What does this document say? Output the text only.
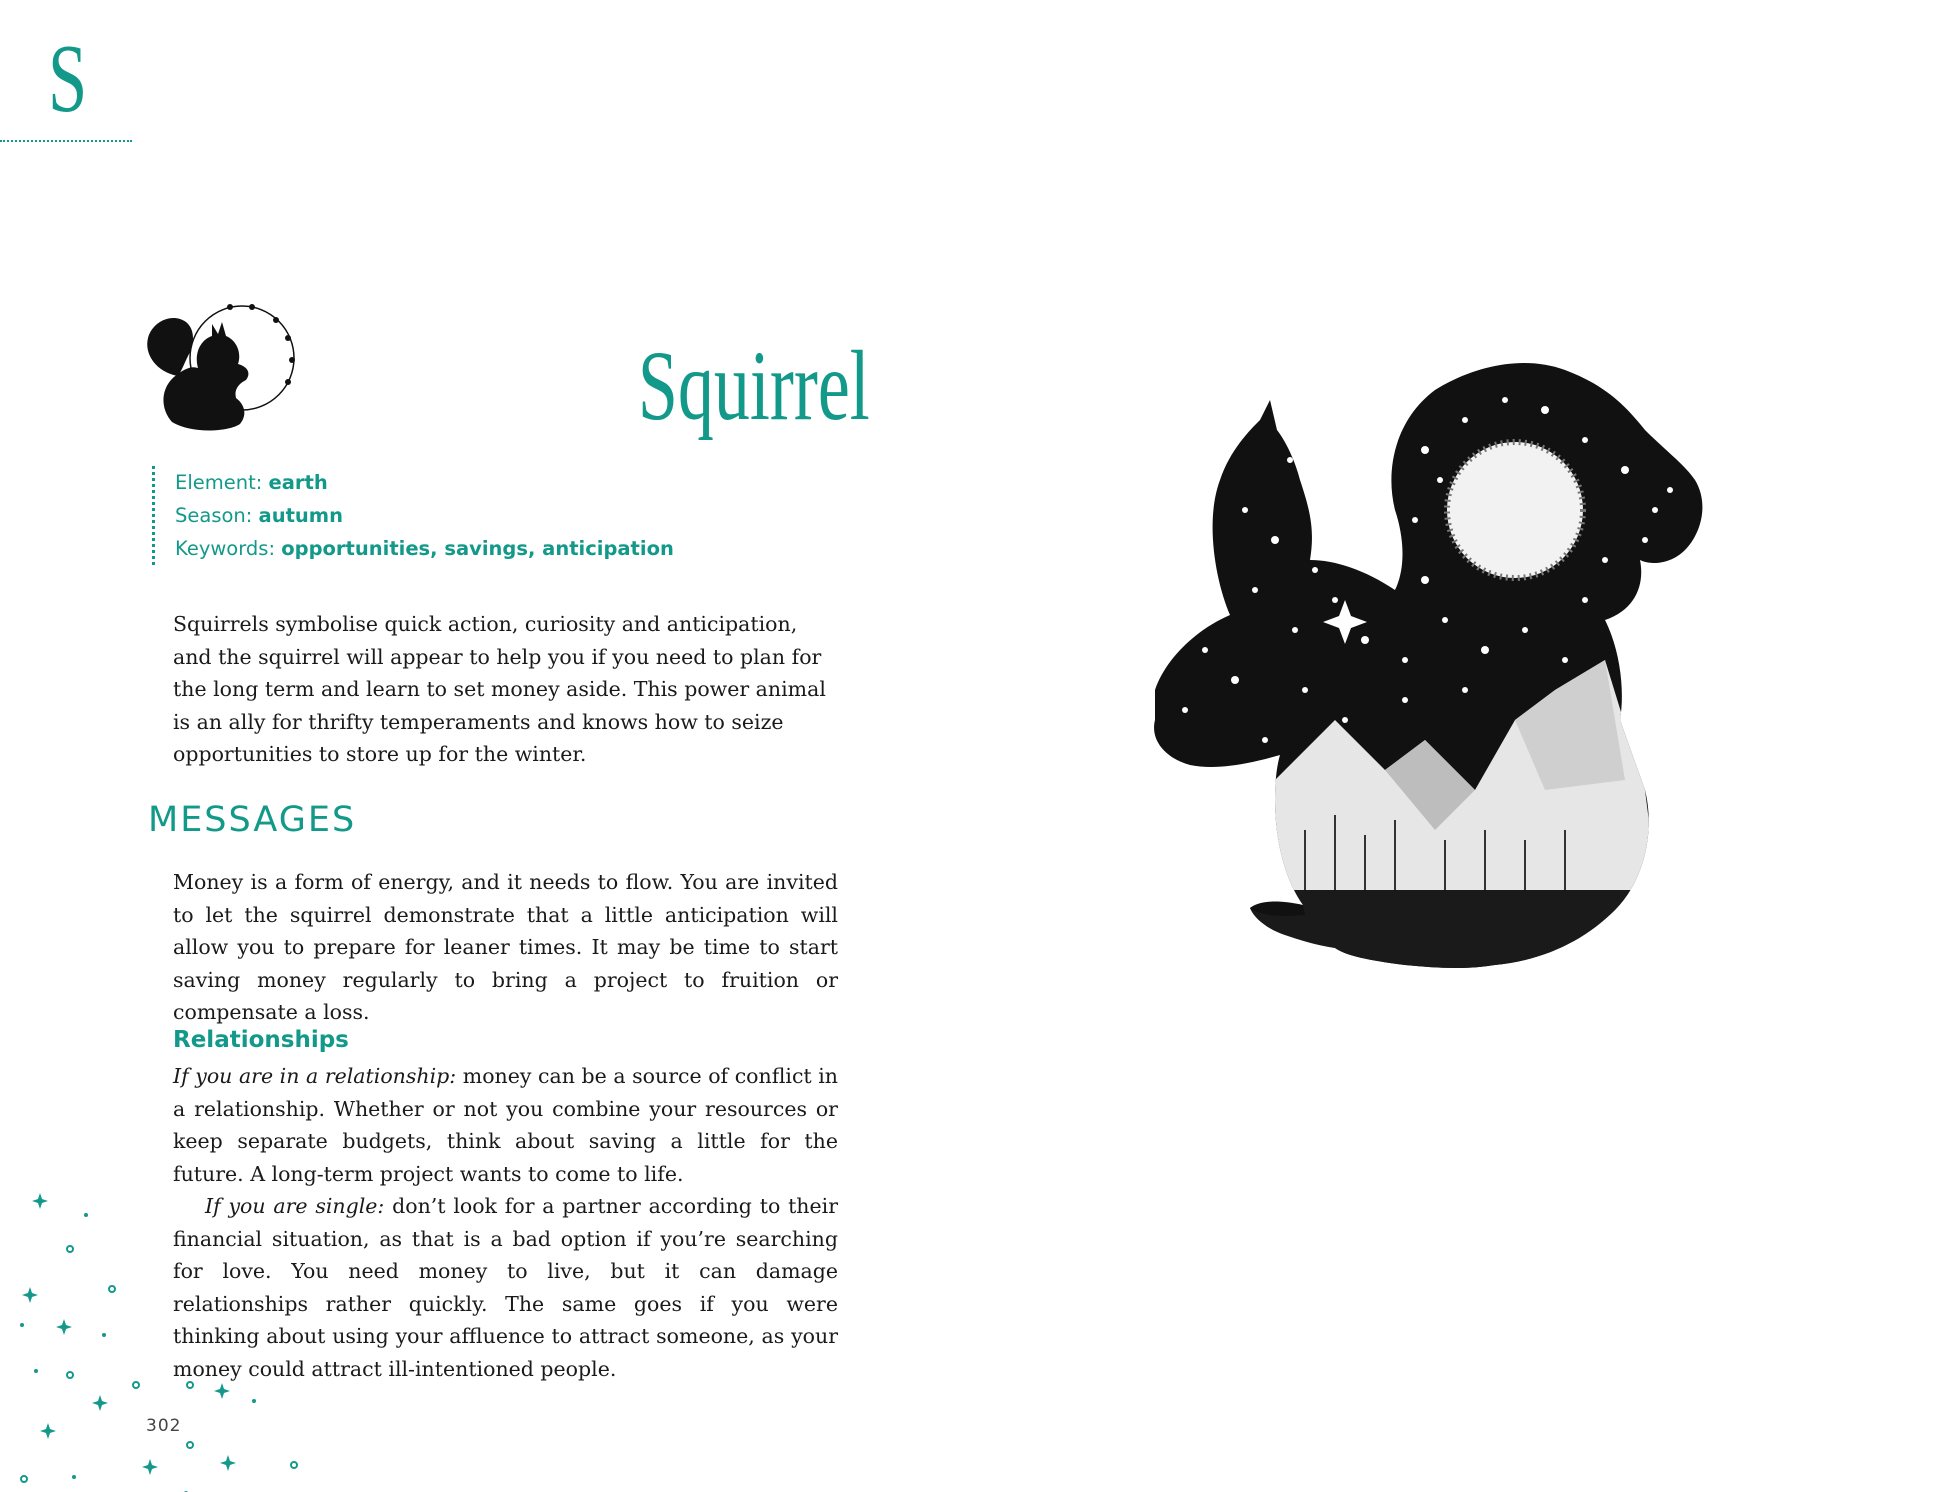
S
Squirrel
Element: earth
Season: autumn
Keywords: opportunities, savings, anticipation
Squirrels symbolise quick action, curiosity and anticipation, and the squirrel will appear to help you if you need to plan for the long term and learn to set money aside. This power animal is an ally for thrifty temperaments and knows how to seize opportunities to store up for the winter.
MESSAGES
Money is a form of energy, and it needs to flow. You are invited to let the squirrel demonstrate that a little anticipation will allow you to prepare for leaner times. It may be time to start saving money regularly to bring a project to fruition or compensate a loss.
Relationships

If you are in a relationship: money can be a source of conflict in a relationship. Whether or not you combine your resources or keep separate budgets, think about saving a little for the future. A long-term project wants to come to life.

If you are single: don’t look for a partner according to their financial situation, as that is a bad option if you’re searching for love. You need money to live, but it can damage relationships rather quickly. The same goes if you were thinking about using your affluence to attract someone, as your money could attract ill-intentioned people.

302
